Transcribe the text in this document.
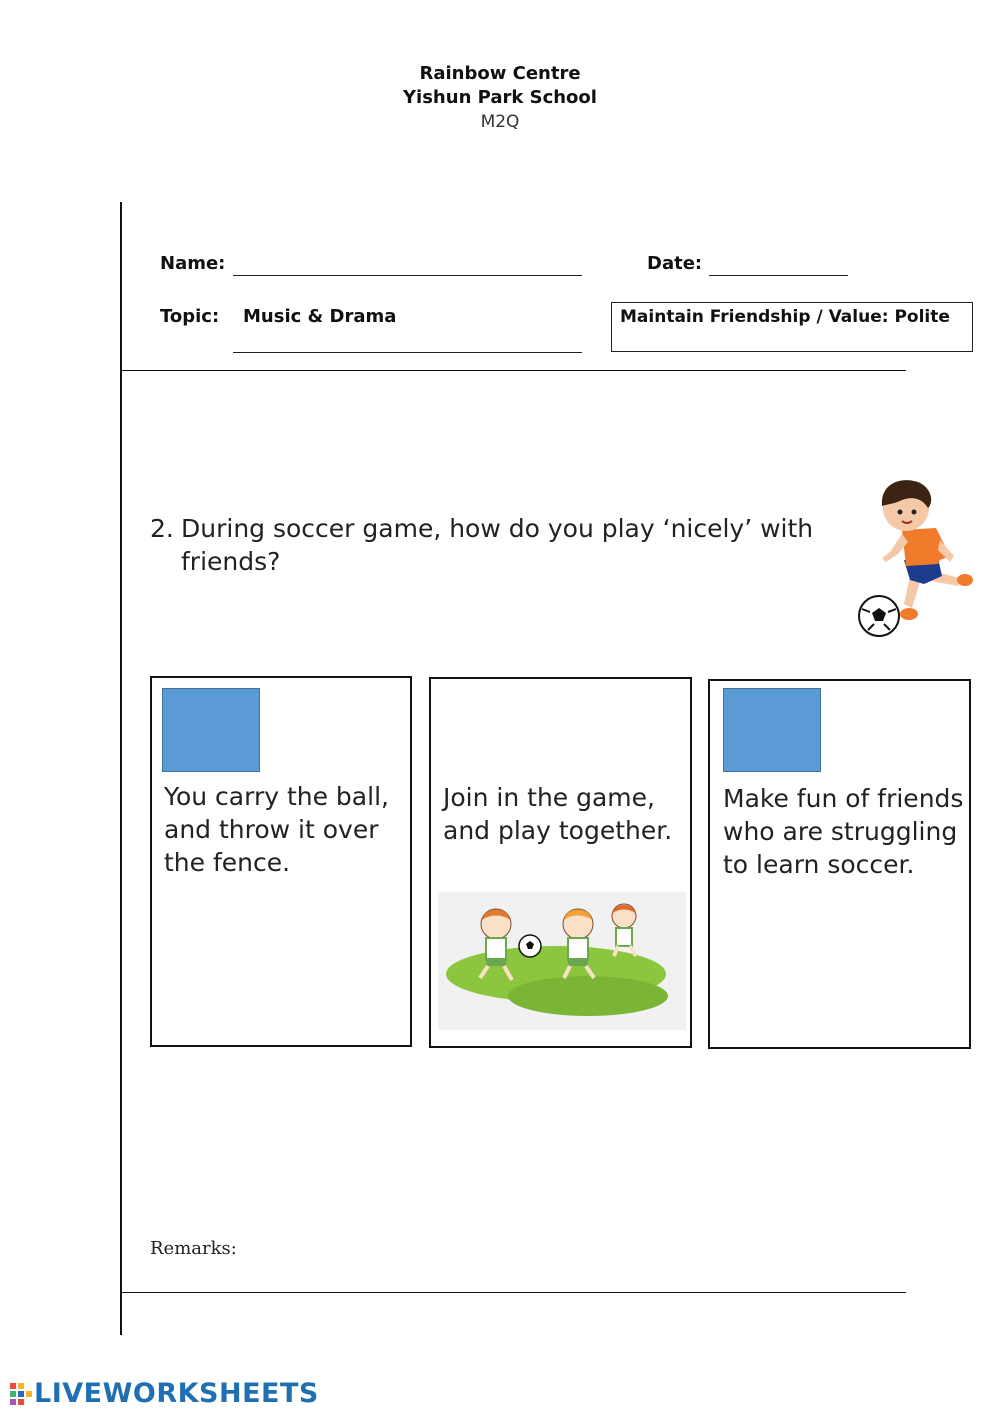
Rainbow Centre
Yishun Park School
M2Q
Name:	Date:
Topic: Music & Drama	Maintain Friendship / Value: Polite
2. During soccer game, how do you play ‘nicely’ with friends?
You carry the ball, and throw it over the fence.
Join in the game, and play together.
Make fun of friends who are struggling to learn soccer.
Remarks:
LIVEWORKSHEETS
